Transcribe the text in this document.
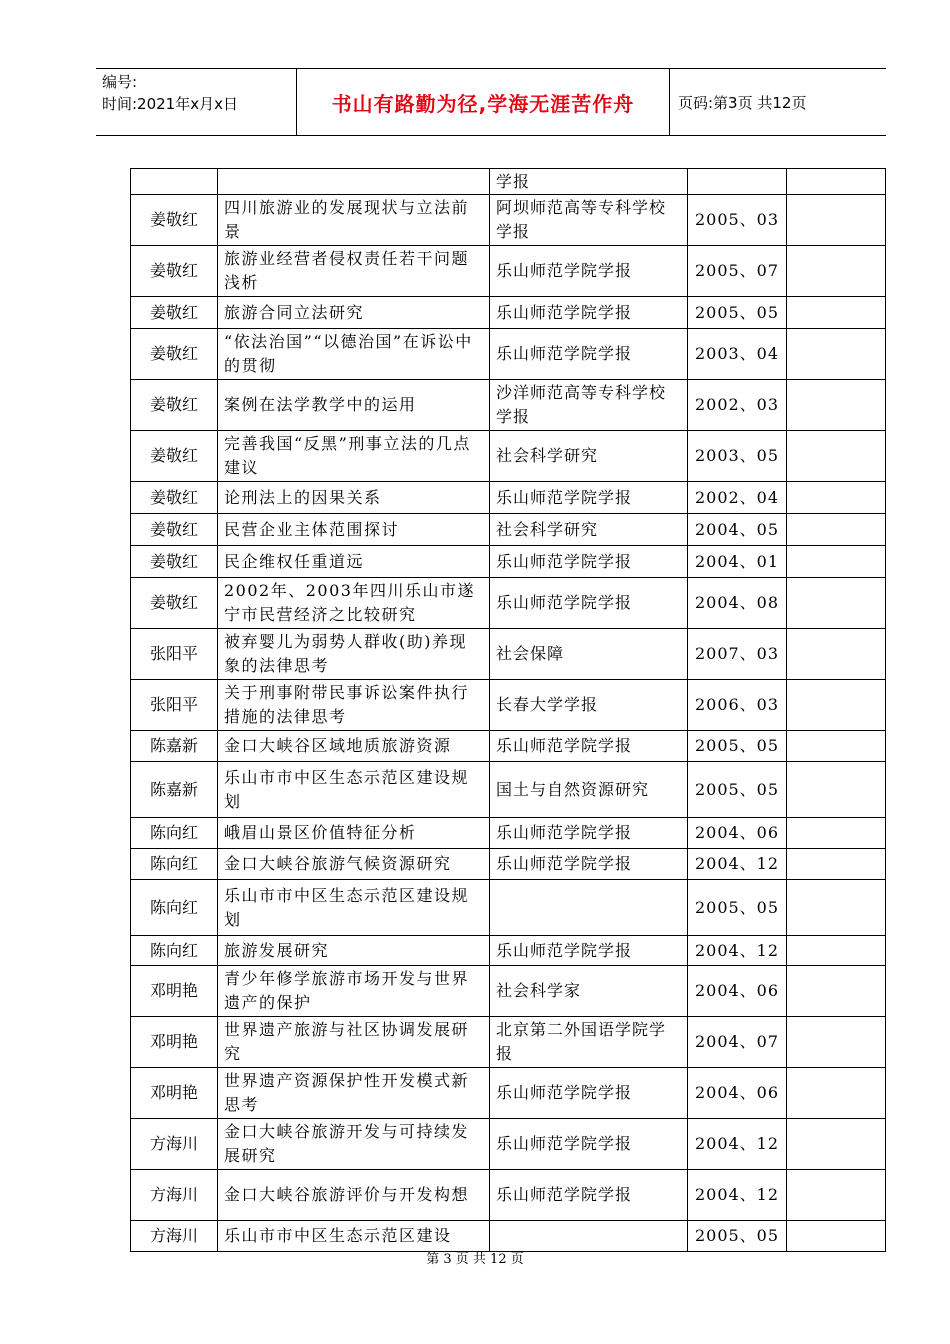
编号:
时间:2021年x月x日	书山有路勤为径,学海无涯苦作舟	页码:第3页 共12页
		学报		
姜敬红	四川旅游业的发展现状与立法前景	阿坝师范高等专科学校学报	2005、03	
姜敬红	旅游业经营者侵权责任若干问题浅析	乐山师范学院学报	2005、07	
姜敬红	旅游合同立法研究	乐山师范学院学报	2005、05	
姜敬红	“依法治国”“以德治国”在诉讼中的贯彻	乐山师范学院学报	2003、04	
姜敬红	案例在法学教学中的运用	沙洋师范高等专科学校学报	2002、03	
姜敬红	完善我国“反黑”刑事立法的几点建议	社会科学研究	2003、05	
姜敬红	论刑法上的因果关系	乐山师范学院学报	2002、04	
姜敬红	民营企业主体范围探讨	社会科学研究	2004、05	
姜敬红	民企维权任重道远	乐山师范学院学报	2004、01	
姜敬红	2002年、2003年四川乐山市遂宁市民营经济之比较研究	乐山师范学院学报	2004、08	
张阳平	被弃婴儿为弱势人群收(助)养现象的法律思考	社会保障	2007、03	
张阳平	关于刑事附带民事诉讼案件执行措施的法律思考	长春大学学报	2006、03	
陈嘉新	金口大峡谷区域地质旅游资源	乐山师范学院学报	2005、05	
陈嘉新	乐山市市中区生态示范区建设规划	国土与自然资源研究	2005、05	
陈向红	峨眉山景区价值特征分析	乐山师范学院学报	2004、06	
陈向红	金口大峡谷旅游气候资源研究	乐山师范学院学报	2004、12	
陈向红	乐山市市中区生态示范区建设规划		2005、05	
陈向红	旅游发展研究	乐山师范学院学报	2004、12	
邓明艳	青少年修学旅游市场开发与世界遗产的保护	社会科学家	2004、06	
邓明艳	世界遗产旅游与社区协调发展研究	北京第二外国语学院学报	2004、07	
邓明艳	世界遗产资源保护性开发模式新思考	乐山师范学院学报	2004、06	
方海川	金口大峡谷旅游开发与可持续发展研究	乐山师范学院学报	2004、12	
方海川	金口大峡谷旅游评价与开发构想	乐山师范学院学报	2004、12	
方海川	乐山市市中区生态示范区建设		2005、05	
第 3 页 共 12 页
